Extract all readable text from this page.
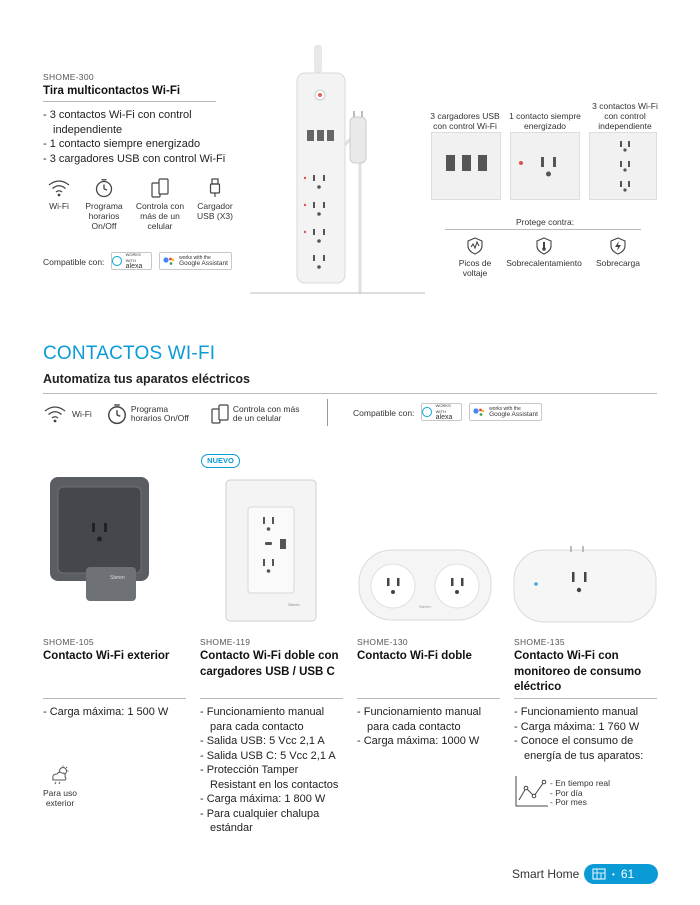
SHOME-300
Tira multicontactos Wi-Fi
- 3 contactos Wi-Fi con control independiente
- 1 contacto siempre energizado
- 3 cargadores USB con control Wi-Fi
Wi-Fi	Programa horarios On/Off
Controla con más de un celular
Cargador USB (X3)
Compatible con:
WORKS WITH
alexa
works with the
Google Assistant
3 cargadores USB con control Wi-Fi
1 contacto siempre energizado
3 contactos Wi-Fi con control independiente
Protege contra:
Picos de voltaje
Sobrecalentamiento	Sobrecarga
CONTACTOS WI-FI
Automatiza tus aparatos eléctricos
Wi-Fi
Programa horarios On/Off
Controla con más de un celular	Compatible con:
WORKS WITH
alexa
works with the
Google Assistant
Steren
NUEVO
Steren	Steren
SHOME-105
Contacto Wi-Fi exterior
- Carga máxima: 1 500 W
Para uso exterior
SHOME-119
Contacto Wi-Fi doble con cargadores USB / USB C
- Funcionamiento manual para cada contacto
- Salida USB: 5 Vcc 2,1 A
- Salida USB C: 5 Vcc 2,1 A
- Protección Tamper Resistant en los contactos
- Carga máxima: 1 800 W
- Para cualquier chalupa estándar
SHOME-130
Contacto Wi-Fi doble
- Funcionamiento manual para cada contacto
- Carga máxima: 1000 W
SHOME-135
Contacto Wi-Fi con monitoreo de consumo eléctrico
- Funcionamiento manual
- Carga máxima: 1 760 W
- Conoce el consumo de energía de tus aparatos:
- En tiempo real
- Por día
- Por mes
Smart Home	• 61
